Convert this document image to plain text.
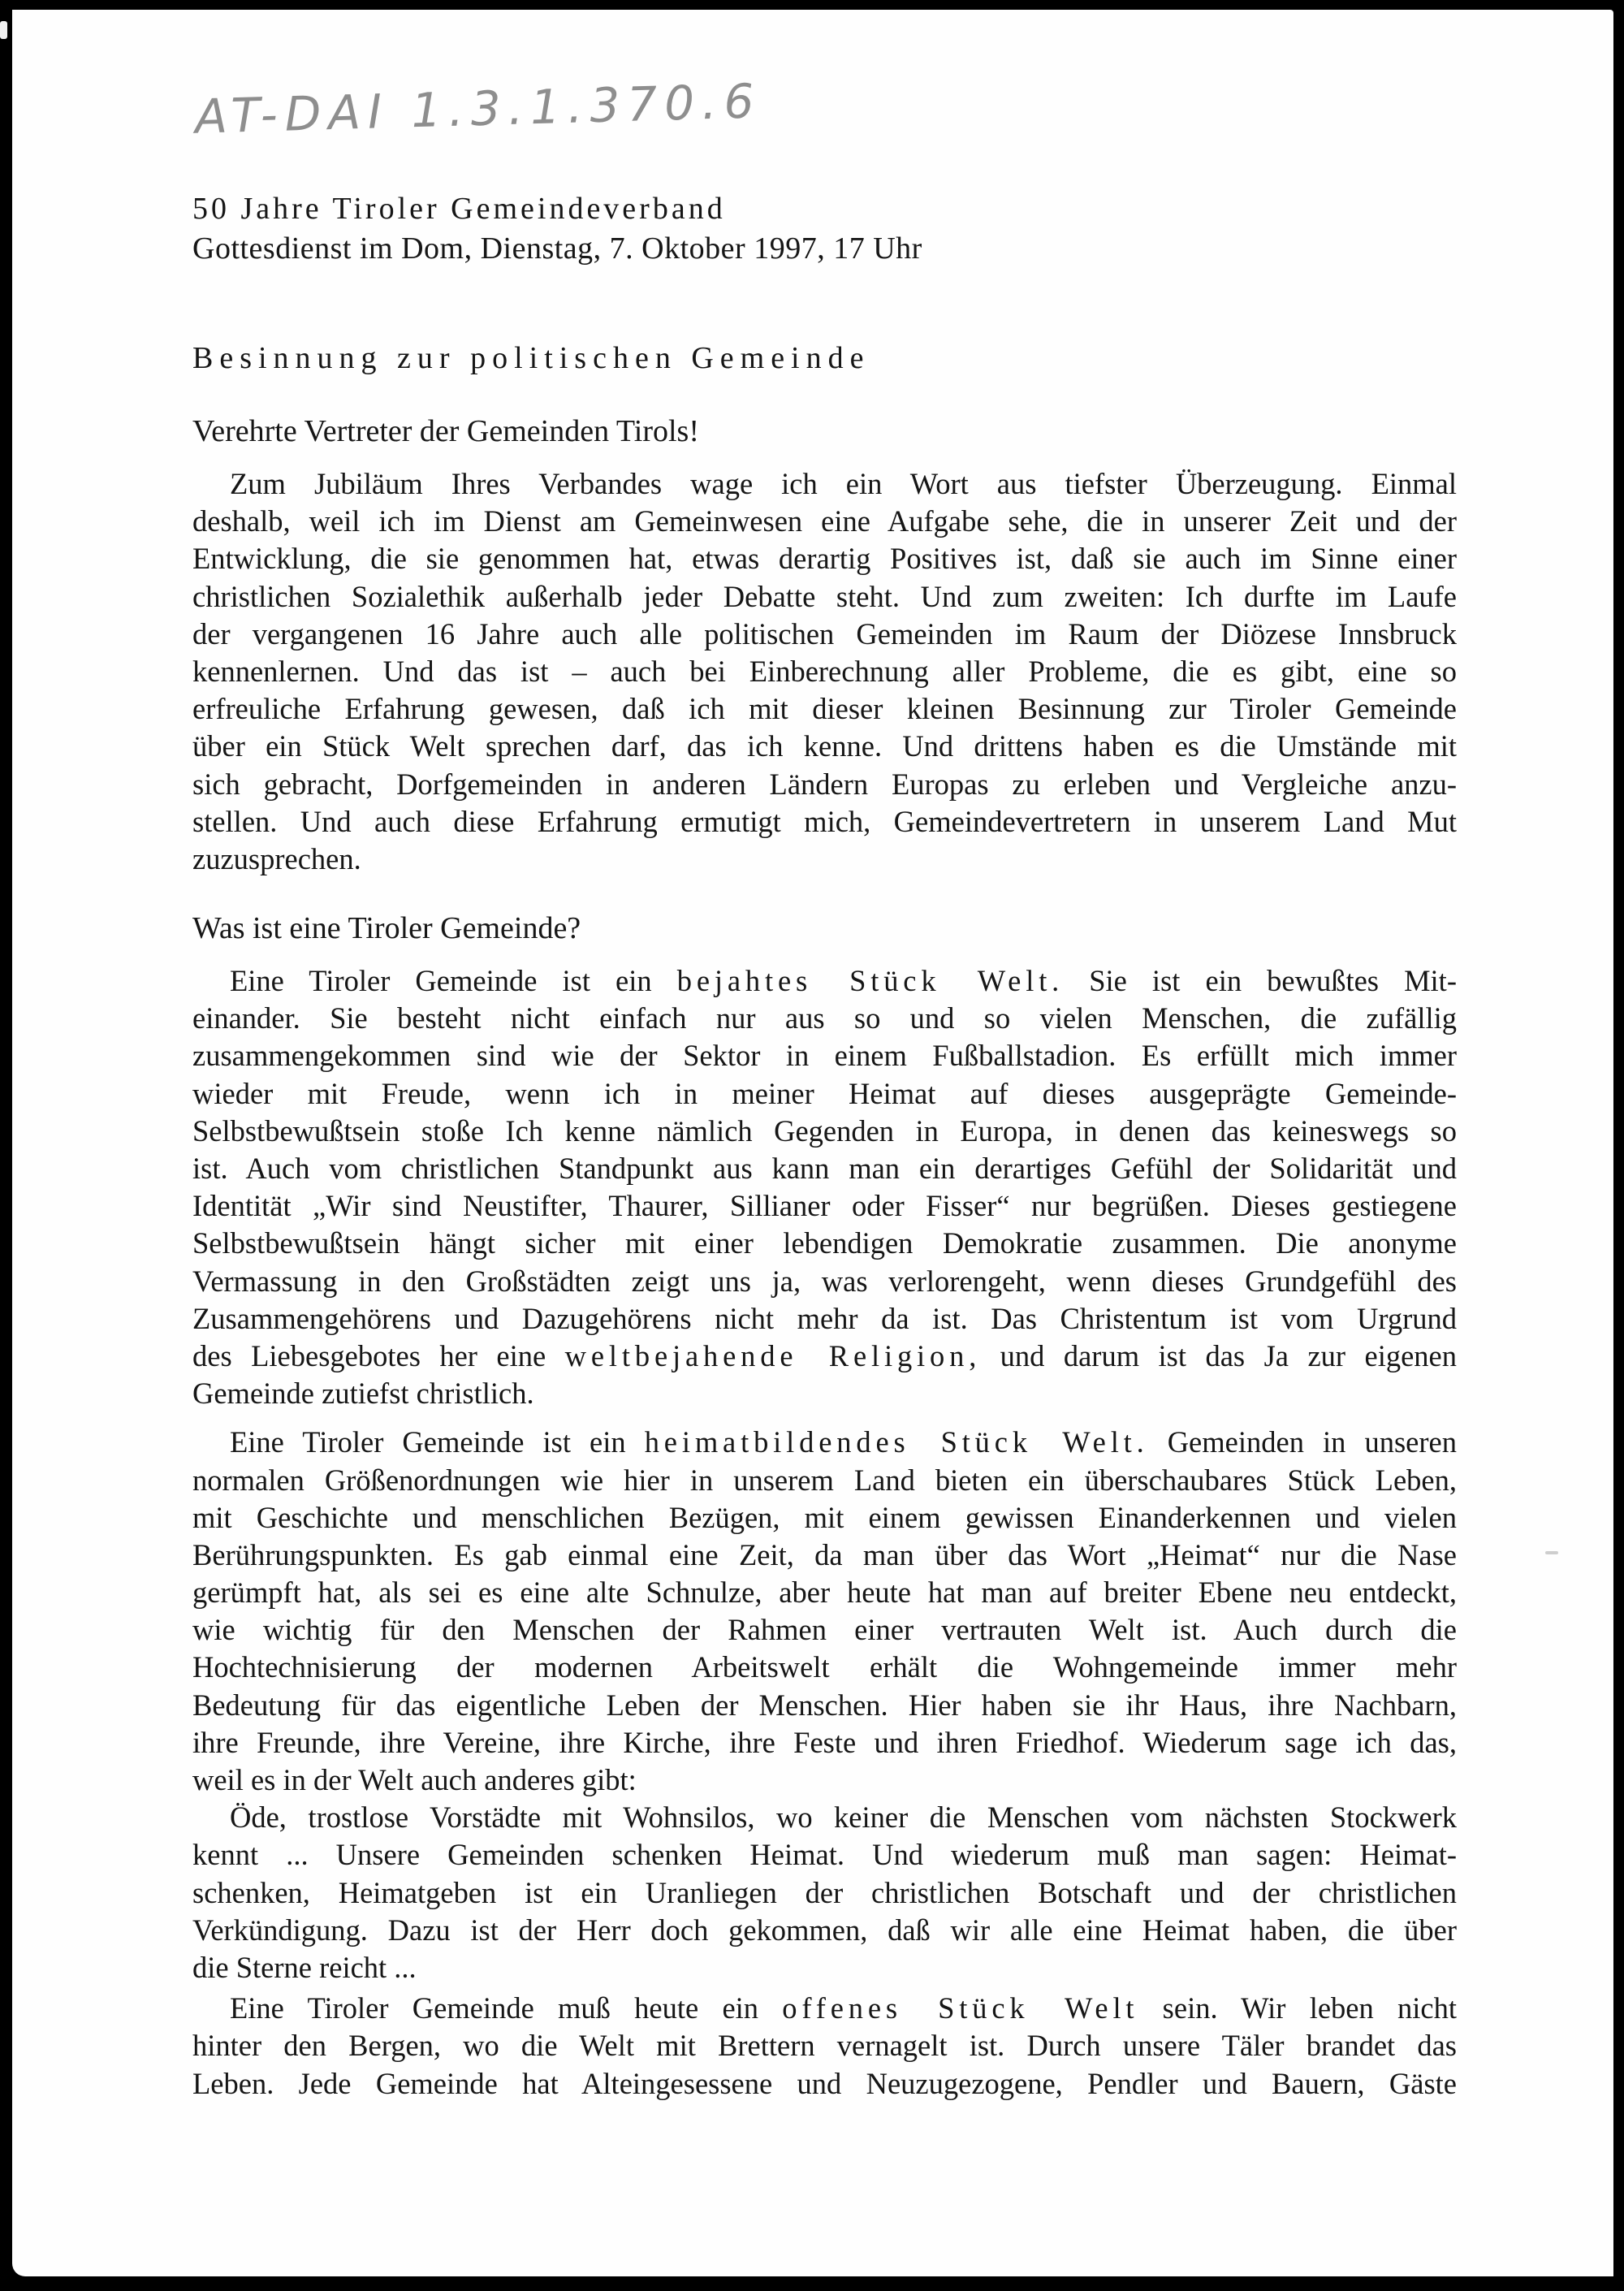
AT-DAI 1.3.1.370.6
50 Jahre Tiroler Gemeindeverband
Gottesdienst im Dom, Dienstag, 7. Oktober 1997, 17 Uhr
Besinnung zur politischen Gemeinde

Verehrte Vertreter der Gemeinden Tirols!

Zum Jubiläum Ihres Verbandes wage ich ein Wort aus tiefster Überzeugung. Einmal
deshalb, weil ich im Dienst am Gemeinwesen eine Aufgabe sehe, die in unserer Zeit und der
Entwicklung, die sie genommen hat, etwas derartig Positives ist, daß sie auch im Sinne einer
christlichen Sozialethik außerhalb jeder Debatte steht. Und zum zweiten: Ich durfte im Laufe
der vergangenen 16 Jahre auch alle politischen Gemeinden im Raum der Diözese Innsbruck
kennenlernen. Und das ist – auch bei Einberechnung aller Probleme, die es gibt, eine so
erfreuliche Erfahrung gewesen, daß ich mit dieser kleinen Besinnung zur Tiroler Gemeinde
über ein Stück Welt sprechen darf, das ich kenne. Und drittens haben es die Umstände mit
sich gebracht, Dorfgemeinden in anderen Ländern Europas zu erleben und Vergleiche anzu-
stellen. Und auch diese Erfahrung ermutigt mich, Gemeindevertretern in unserem Land Mut
zuzusprechen.
Was ist eine Tiroler Gemeinde?
Eine Tiroler Gemeinde ist ein bejahtes Stück Welt. Sie ist ein bewußtes Mit-
einander. Sie besteht nicht einfach nur aus so und so vielen Menschen, die zufällig
zusammengekommen sind wie der Sektor in einem Fußballstadion. Es erfüllt mich immer
wieder mit Freude, wenn ich in meiner Heimat auf dieses ausgeprägte Gemeinde-
Selbstbewußtsein stoße Ich kenne nämlich Gegenden in Europa, in denen das keineswegs so
ist. Auch vom christlichen Standpunkt aus kann man ein derartiges Gefühl der Solidarität und
Identität „Wir sind Neustifter, Thaurer, Sillianer oder Fisser“ nur begrüßen. Dieses gestiegene
Selbstbewußtsein hängt sicher mit einer lebendigen Demokratie zusammen. Die anonyme
Vermassung in den Großstädten zeigt uns ja, was verlorengeht, wenn dieses Grundgefühl des
Zusammengehörens und Dazugehörens nicht mehr da ist. Das Christentum ist vom Urgrund
des Liebesgebotes her eine weltbejahende Religion, und darum ist das Ja zur eigenen
Gemeinde zutiefst christlich.
Eine Tiroler Gemeinde ist ein heimatbildendes Stück Welt. Gemeinden in unseren
normalen Größenordnungen wie hier in unserem Land bieten ein überschaubares Stück Leben,
mit Geschichte und menschlichen Bezügen, mit einem gewissen Einanderkennen und vielen
Berührungspunkten. Es gab einmal eine Zeit, da man über das Wort „Heimat“ nur die Nase
gerümpft hat, als sei es eine alte Schnulze, aber heute hat man auf breiter Ebene neu entdeckt,
wie wichtig für den Menschen der Rahmen einer vertrauten Welt ist. Auch durch die
Hochtechnisierung der modernen Arbeitswelt erhält die Wohngemeinde immer mehr
Bedeutung für das eigentliche Leben der Menschen. Hier haben sie ihr Haus, ihre Nachbarn,
ihre Freunde, ihre Vereine, ihre Kirche, ihre Feste und ihren Friedhof. Wiederum sage ich das,
weil es in der Welt auch anderes gibt:
Öde, trostlose Vorstädte mit Wohnsilos, wo keiner die Menschen vom nächsten Stockwerk
kennt ... Unsere Gemeinden schenken Heimat. Und wiederum muß man sagen: Heimat-
schenken, Heimatgeben ist ein Uranliegen der christlichen Botschaft und der christlichen
Verkündigung. Dazu ist der Herr doch gekommen, daß wir alle eine Heimat haben, die über
die Sterne reicht ...
Eine Tiroler Gemeinde muß heute ein offenes Stück Welt sein. Wir leben nicht
hinter den Bergen, wo die Welt mit Brettern vernagelt ist. Durch unsere Täler brandet das
Leben. Jede Gemeinde hat Alteingesessene und Neuzugezogene, Pendler und Bauern, Gäste
